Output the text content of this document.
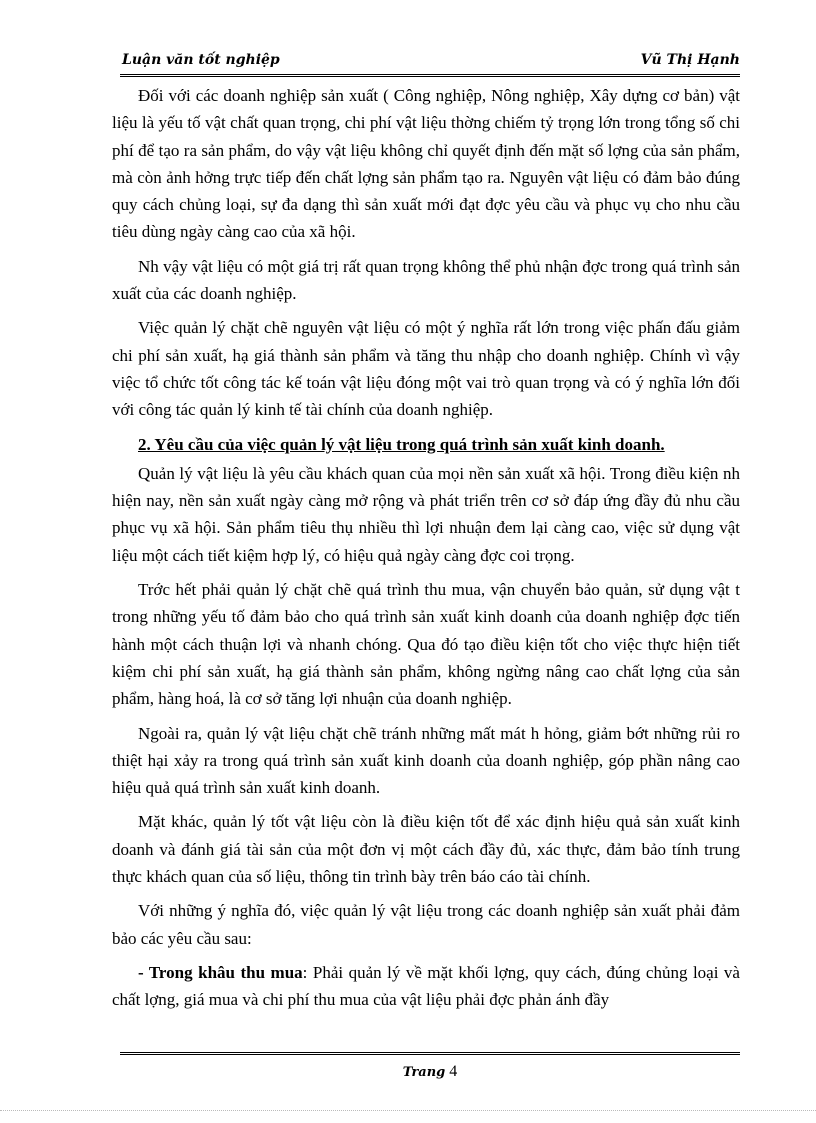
Luận văn tốt nghiệp	Vũ Thị Hạnh

Đối với các doanh nghiệp sản xuất ( Công nghiệp, Nông nghiệp, Xây dựng cơ bản) vật liệu là yếu tố vật chất quan trọng, chi phí vật liệu thờng chiếm tỷ trọng lớn trong tổng số chi phí để tạo ra sản phẩm, do vậy vật liệu không chỉ quyết định đến mặt số lợng của sản phẩm, mà còn ảnh hởng trực tiếp đến chất lợng sản phẩm tạo ra. Nguyên vật liệu có đảm bảo đúng quy cách chủng loại, sự đa dạng thì sản xuất mới đạt đợc yêu cầu và phục vụ cho nhu cầu tiêu dùng ngày càng cao của xã hội.

Nh vậy vật liệu có một giá trị rất quan trọng không thể phủ nhận đợc trong quá trình sản xuất của các doanh nghiệp.

Việc quản lý chặt chẽ nguyên vật liệu có một ý nghĩa rất lớn trong việc phấn đấu giảm chi phí sản xuất, hạ giá thành sản phẩm và tăng thu nhập cho doanh nghiệp. Chính vì vậy việc tổ chức tốt công tác kế toán vật liệu đóng một vai trò quan trọng và có ý nghĩa lớn đối với công tác quản lý kinh tế tài chính của doanh nghiệp.

2. Yêu cầu của việc quản lý vật liệu trong quá trình sản xuất kinh doanh.

Quản lý vật liệu là yêu cầu khách quan của mọi nền sản xuất xã hội. Trong điều kiện nh hiện nay, nền sản xuất ngày càng mở rộng và phát triển trên cơ sở đáp ứng đầy đủ nhu cầu phục vụ xã hội. Sản phẩm tiêu thụ nhiều thì lợi nhuận đem lại càng cao, việc sử dụng vật liệu một cách tiết kiệm hợp lý, có hiệu quả ngày càng đợc coi trọng.

Trớc hết phải quản lý chặt chẽ quá trình thu mua, vận chuyển bảo quản, sử dụng vật t trong những yếu tố đảm bảo cho quá trình sản xuất kinh doanh của doanh nghiệp đợc tiến hành một cách thuận lợi và nhanh chóng. Qua đó tạo điều kiện tốt cho việc thực hiện tiết kiệm chi phí sản xuất, hạ giá thành sản phẩm, không ngừng nâng cao chất lợng của sản phẩm, hàng hoá, là cơ sở tăng lợi nhuận của doanh nghiệp.

Ngoài ra, quản lý vật liệu chặt chẽ tránh những mất mát h hỏng, giảm bớt những rủi ro thiệt hại xảy ra trong quá trình sản xuất kinh doanh của doanh nghiệp, góp phần nâng cao hiệu quả quá trình sản xuất kinh doanh.

Mặt khác, quản lý tốt vật liệu còn là điều kiện tốt để xác định hiệu quả sản xuất kinh doanh và đánh giá tài sản của một đơn vị một cách đầy đủ, xác thực, đảm bảo tính trung thực khách quan của số liệu, thông tin trình bày trên báo cáo tài chính.

Với những ý nghĩa đó, việc quản lý vật liệu trong các doanh nghiệp sản xuất phải đảm bảo các yêu cầu sau:

- Trong khâu thu mua: Phải quản lý về mặt khối lợng, quy cách, đúng chủng loại và chất lợng, giá mua và chi phí thu mua của vật liệu phải đợc phản ánh đầy

Trang 4
